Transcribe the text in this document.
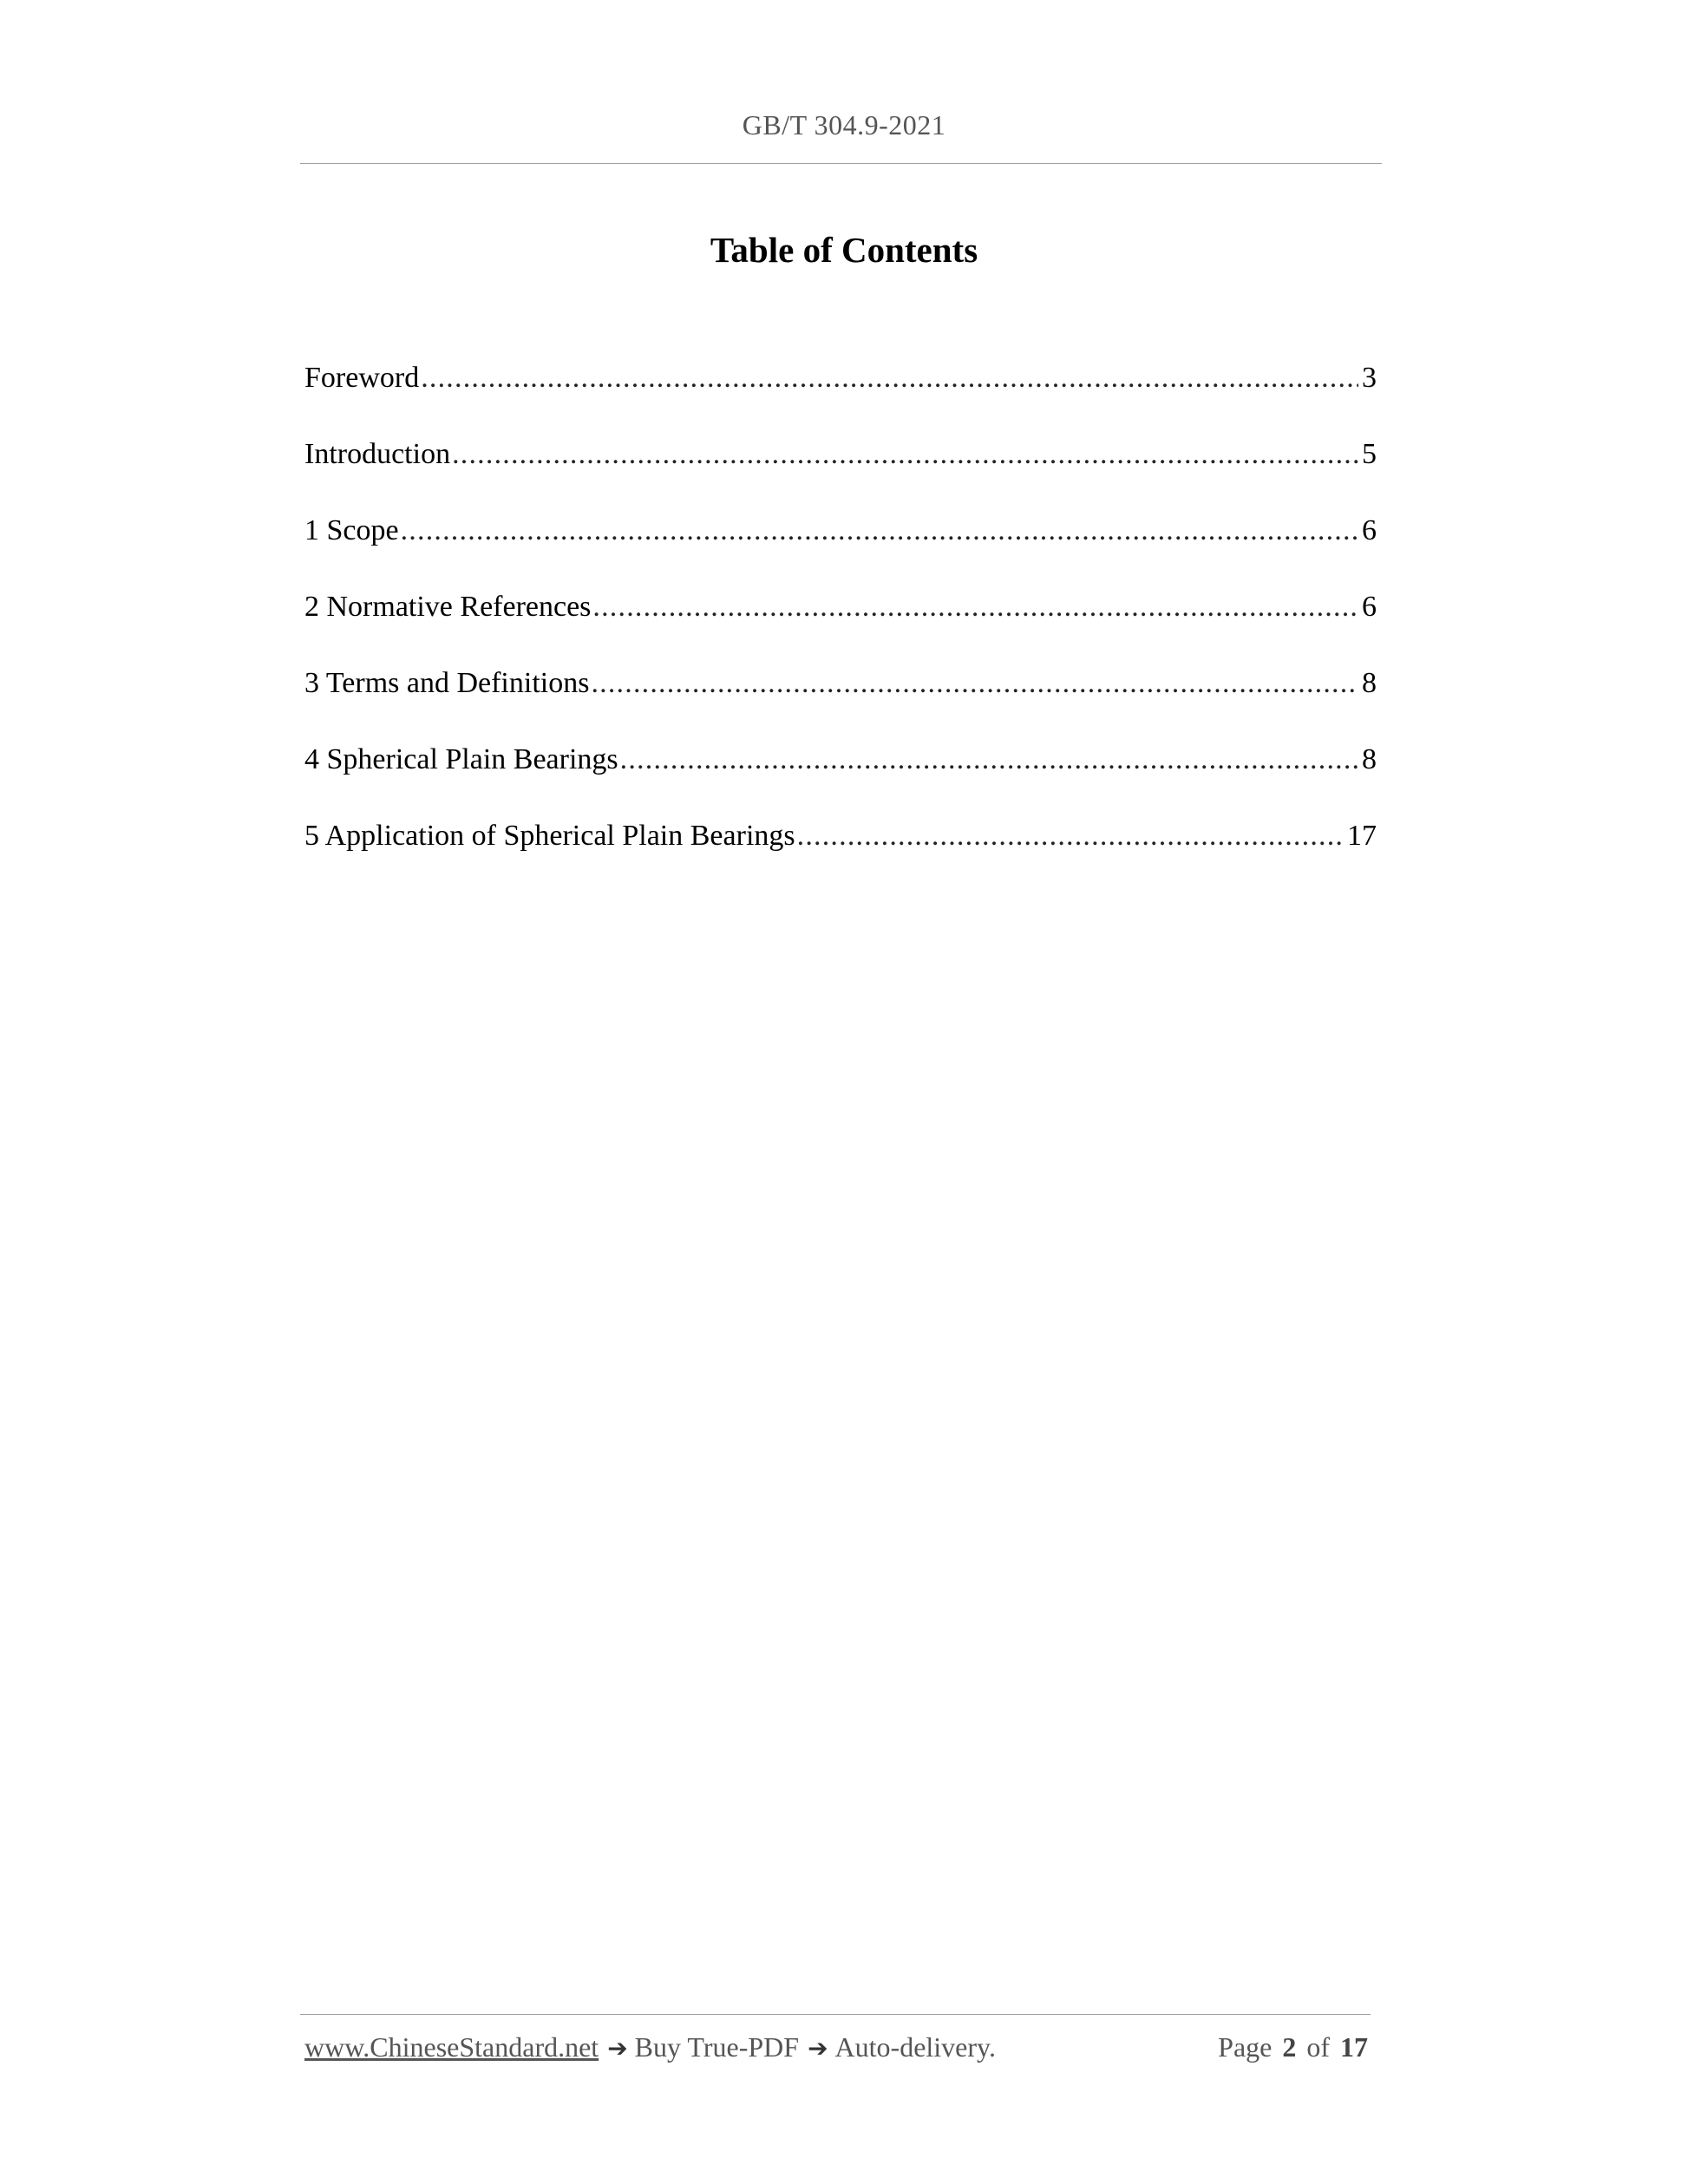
GB/T 304.9-2021
Table of Contents
Foreword .....	3
Introduction .....	5
1 Scope .....	6
2 Normative References .....	6
3 Terms and Definitions .....	8
4 Spherical Plain Bearings .....	8
5 Application of Spherical Plain Bearings .....	17
www.ChineseStandard.net ➔ Buy True-PDF ➔ Auto-delivery.	Page 2 of 17
